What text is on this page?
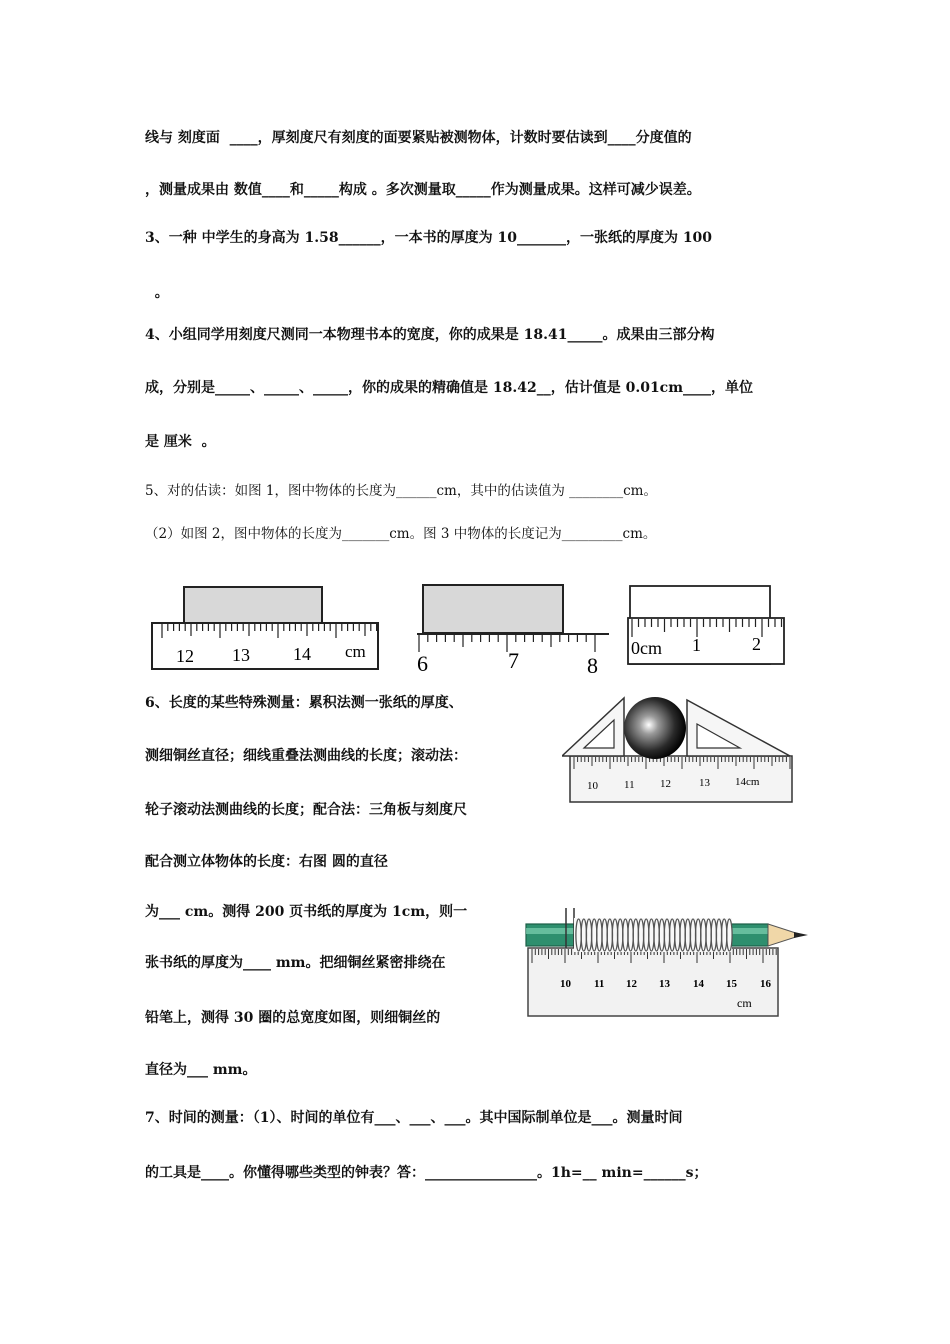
线与 刻度面  ____，厚刻度尺有刻度的面要紧贴被测物体，计数时要估读到____分度值的
，测量成果由 数值____和_____构成 。多次测量取_____作为测量成果。这样可减少误差。
3、一种 中学生的身高为 1.58______，一本书的厚度为 10_______，一张纸的厚度为 100
。
4、小组同学用刻度尺测同一本物理书本的宽度，你的成果是 18.41_____。成果由三部分构
成，分别是_____、_____、_____，你的成果的精确值是 18.42__，估计值是 0.01cm____，单位
是 厘米  。
5、对的估读：如图 1，图中物体的长度为______cm，其中的估读值为 ________cm。
（2）如图 2，图中物体的长度为_______cm。图 3 中物体的长度记为_________cm。
6、长度的某些特殊测量：累积法测一张纸的厚度、
测细铜丝直径；细线重叠法测曲线的长度；滚动法：
轮子滚动法测曲线的长度；配合法：三角板与刻度尺
配合测立体物体的长度：右图 圆的直径
为___ cm。测得 200 页书纸的厚度为 1cm，则一
张书纸的厚度为____ mm。把细铜丝紧密排绕在
铅笔上，测得 30 圈的总宽度如图，则细铜丝的
直径为___ mm。
7、时间的测量：（1）、时间的单位有___、___、___。其中国际制单位是___。测量时间
的工具是____。你懂得哪些类型的钟表？答：________________。1h=__ min=______s；
12 13 14 cm 6	7	8
0cm 1	2
10 11 12	13 14cm
10 11 12 13 14 15 16
cm
